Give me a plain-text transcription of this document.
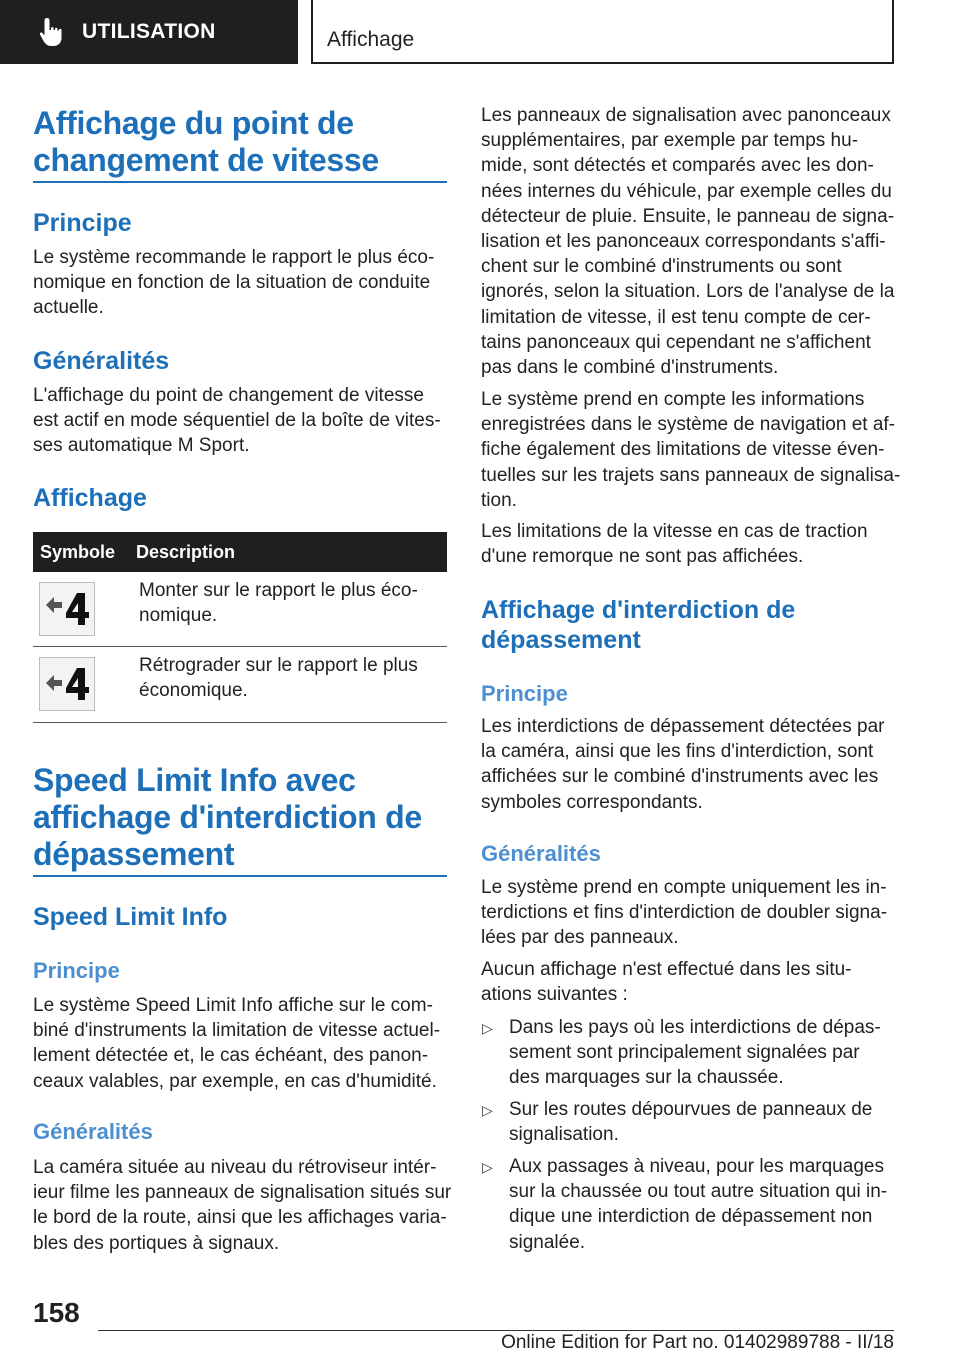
UTILISATION	Affichage
Affichage du point de
changement de vitesse
Principe
Le système recommande le rapport le plus éco-
nomique en fonction de la situation de conduite
actuelle.
Généralités
L'affichage du point de changement de vitesse
est actif en mode séquentiel de la boîte de vites-
ses automatique M Sport.
Affichage
Symbole	Description
Monter sur le rapport le plus éco-
nomique.
Rétrograder sur le rapport le plus
économique.
Speed Limit Info avec
affichage d'interdiction de
dépassement
Speed Limit Info
Principe
Le système Speed Limit Info affiche sur le com-
biné d'instruments la limitation de vitesse actuel-
lement détectée et, le cas échéant, des panon-
ceaux valables, par exemple, en cas d'humidité.
Généralités
La caméra située au niveau du rétroviseur intér-
ieur filme les panneaux de signalisation situés sur
le bord de la route, ainsi que les affichages varia-
bles des portiques à signaux.
Les panneaux de signalisation avec panonceaux
supplémentaires, par exemple par temps hu-
mide, sont détectés et comparés avec les don-
nées internes du véhicule, par exemple celles du
détecteur de pluie. Ensuite, le panneau de signa-
lisation et les panonceaux correspondants s'affi-
chent sur le combiné d'instruments ou sont
ignorés, selon la situation. Lors de l'analyse de la
limitation de vitesse, il est tenu compte de cer-
tains panonceaux qui cependant ne s'affichent
pas dans le combiné d'instruments.
Le système prend en compte les informations
enregistrées dans le système de navigation et af-
fiche également des limitations de vitesse éven-
tuelles sur les trajets sans panneaux de signalisa-
tion.
Les limitations de la vitesse en cas de traction
d'une remorque ne sont pas affichées.
Affichage d'interdiction de
dépassement
Principe
Les interdictions de dépassement détectées par
la caméra, ainsi que les fins d'interdiction, sont
affichées sur le combiné d'instruments avec les
symboles correspondants.
Généralités
Le système prend en compte uniquement les in-
terdictions et fins d'interdiction de doubler signa-
lées par des panneaux.
Aucun affichage n'est effectué dans les situ-
ations suivantes :
▷ Dans les pays où les interdictions de dépas-
sement sont principalement signalées par
des marquages sur la chaussée.
▷ Sur les routes dépourvues de panneaux de
signalisation.
▷ Aux passages à niveau, pour les marquages
sur la chaussée ou tout autre situation qui in-
dique une interdiction de dépassement non
signalée.
158
Online Edition for Part no. 01402989788 - II/18
